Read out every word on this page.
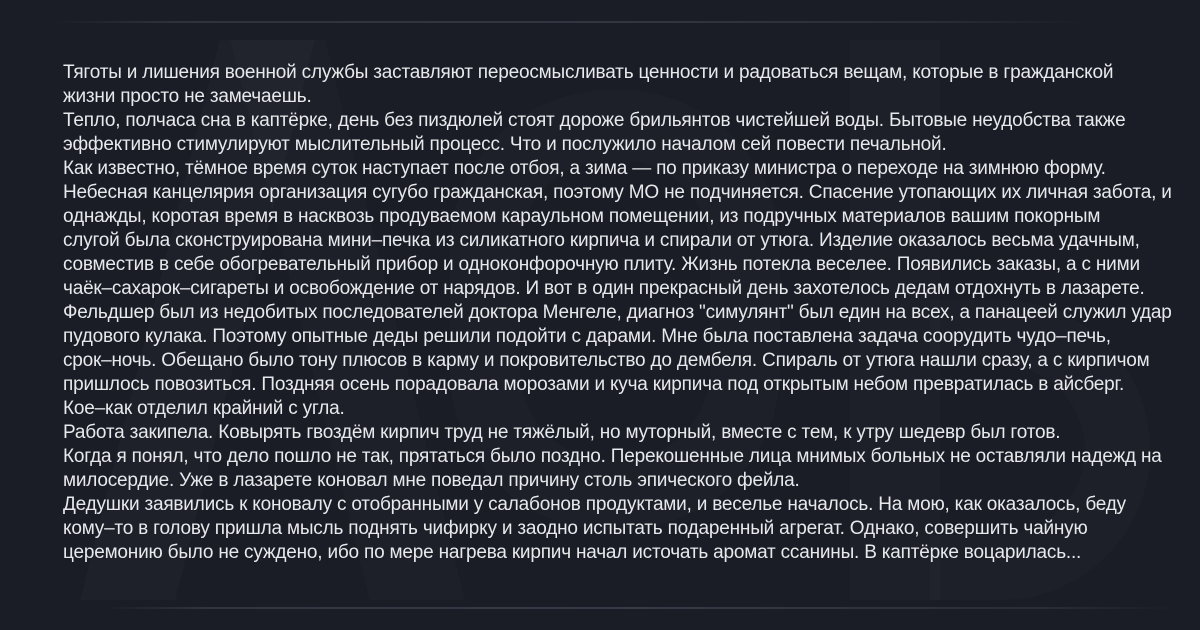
Тяготы и лишения военной службы заставляют переосмысливать ценности и радоваться вещам, которые в гражданской
жизни просто не замечаешь.
Тепло, полчаса сна в каптёрке, день без пиздюлей стоят дороже брильянтов чистейшей воды. Бытовые неудобства также
эффективно стимулируют мыслительный процесс. Что и послужило началом сей повести печальной.
Как известно, тёмное время суток наступает после отбоя, а зима — по приказу министра о переходе на зимнюю форму.
Небесная канцелярия организация сугубо гражданская, поэтому МО не подчиняется. Спасение утопающих их личная забота, и
однажды, коротая время в насквозь продуваемом караульном помещении, из подручных материалов вашим покорным
слугой была сконструирована мини–печка из силикатного кирпича и спирали от утюга. Изделие оказалось весьма удачным,
совместив в себе обогревательный прибор и одноконфорочную плиту. Жизнь потекла веселее. Появились заказы, а с ними
чаёк–сахарок–сигареты и освобождение от нарядов. И вот в один прекрасный день захотелось дедам отдохнуть в лазарете.
Фельдшер был из недобитых последователей доктора Менгеле, диагноз "симулянт" был един на всех, а панацеей служил удар
пудового кулака. Поэтому опытные деды решили подойти с дарами. Мне была поставлена задача соорудить чудо–печь,
срок–ночь. Обещано было тону плюсов в карму и покровительство до дембеля. Спираль от утюга нашли сразу, а с кирпичом
пришлось повозиться. Поздняя осень порадовала морозами и куча кирпича под открытым небом превратилась в айсберг.
Кое–как отделил крайний с угла.
Работа закипела. Ковырять гвоздём кирпич труд не тяжёлый, но муторный, вместе с тем, к утру шедевр был готов.
Когда я понял, что дело пошло не так, прятаться было поздно. Перекошенные лица мнимых больных не оставляли надежд на
милосердие. Уже в лазарете коновал мне поведал причину столь эпического фейла.
Дедушки заявились к коновалу с отобранными у салабонов продуктами, и веселье началось. На мою, как оказалось, беду
кому–то в голову пришла мысль поднять чифирку и заодно испытать подаренный агрегат. Однако, совершить чайную
церемонию было не суждено, ибо по мере нагрева кирпич начал источать аромат ссанины. В каптёрке воцарилась...
